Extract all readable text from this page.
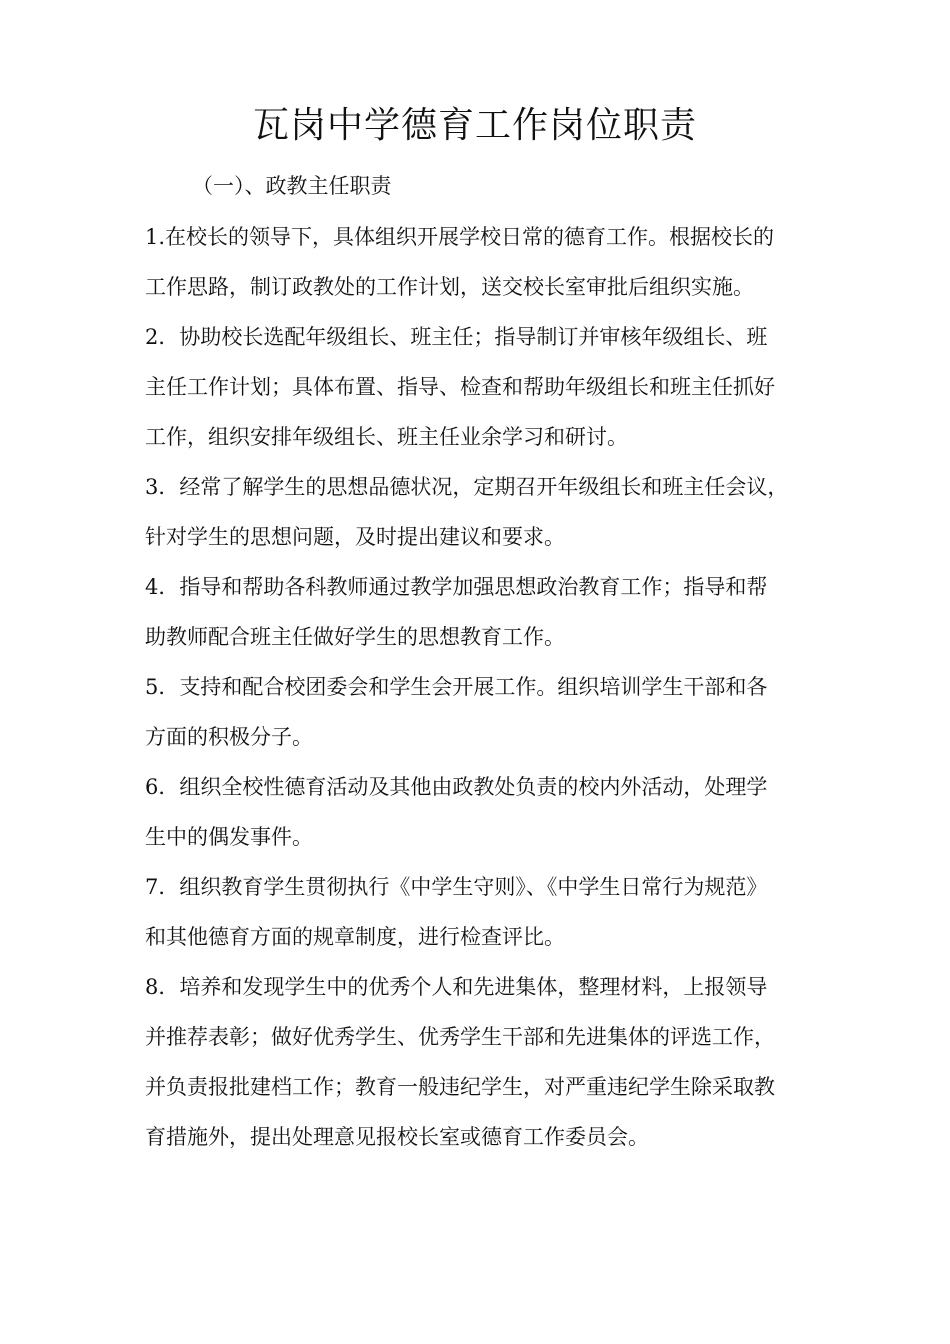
瓦岗中学德育工作岗位职责
（一）、政教主任职责

1.在校长的领导下，具体组织开展学校日常的德育工作。根据校长的
工作思路，制订政教处的工作计划，送交校长室审批后组织实施。

2．协助校长选配年级组长、班主任；指导制订并审核年级组长、班
主任工作计划；具体布置、指导、检查和帮助年级组长和班主任抓好
工作，组织安排年级组长、班主任业余学习和研讨。

3．经常了解学生的思想品德状况，定期召开年级组长和班主任会议，
针对学生的思想问题，及时提出建议和要求。

4．指导和帮助各科教师通过教学加强思想政治教育工作；指导和帮
助教师配合班主任做好学生的思想教育工作。

5．支持和配合校团委会和学生会开展工作。组织培训学生干部和各
方面的积极分子。

6．组织全校性德育活动及其他由政教处负责的校内外活动，处理学
生中的偶发事件。

7．组织教育学生贯彻执行《中学生守则》、《中学生日常行为规范》
和其他德育方面的规章制度，进行检查评比。

8．培养和发现学生中的优秀个人和先进集体，整理材料，上报领导
并推荐表彰；做好优秀学生、优秀学生干部和先进集体的评选工作，
并负责报批建档工作；教育一般违纪学生，对严重违纪学生除采取教
育措施外，提出处理意见报校长室或德育工作委员会。
